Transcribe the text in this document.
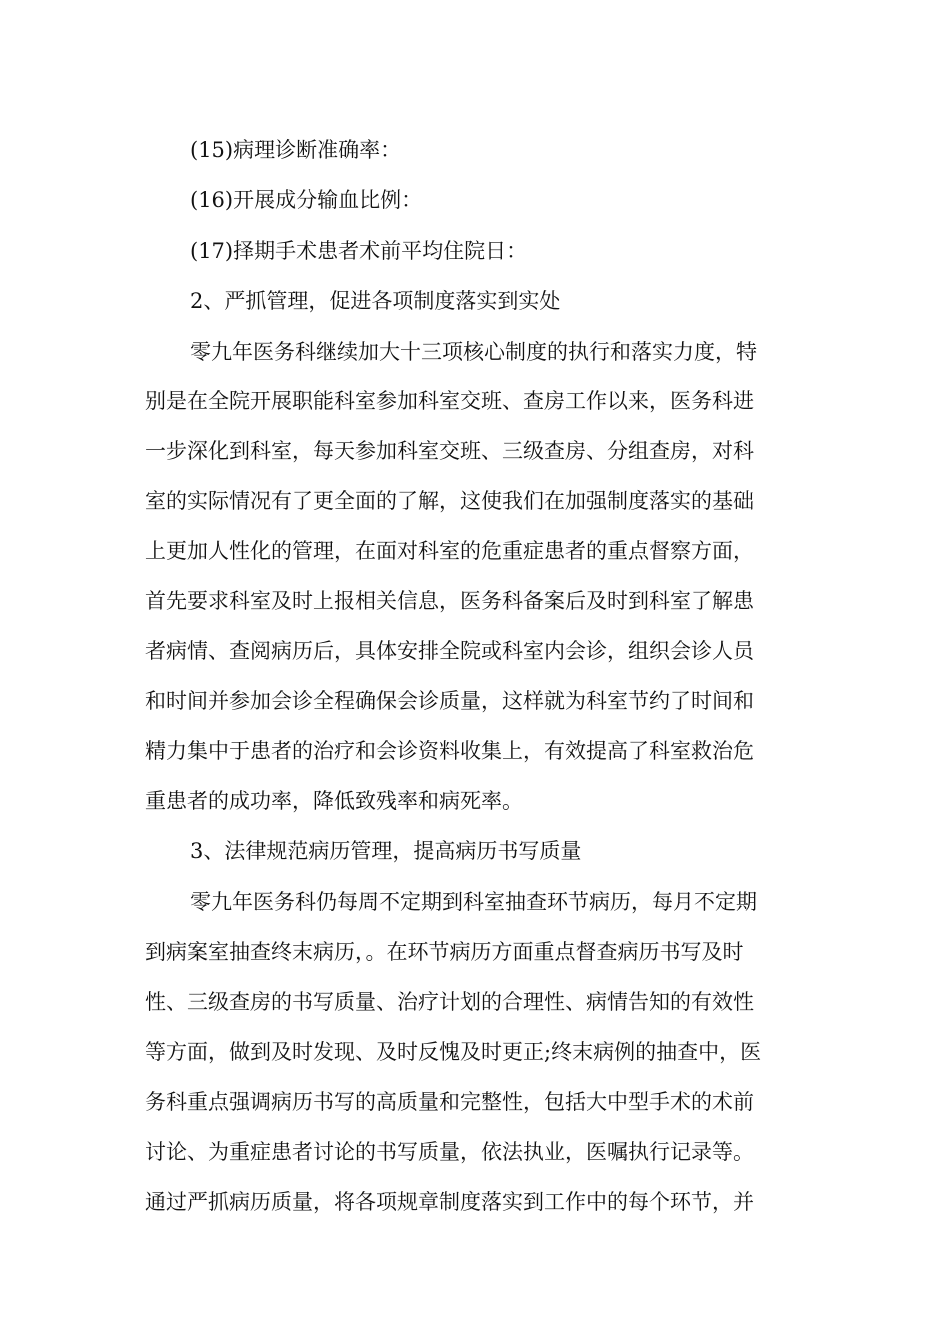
(15)病理诊断准确率：
(16)开展成分输血比例：
(17)择期手术患者术前平均住院日：
2、严抓管理，促进各项制度落实到实处
零九年医务科继续加大十三项核心制度的执行和落实力度，特
别是在全院开展职能科室参加科室交班、查房工作以来，医务科进
一步深化到科室，每天参加科室交班、三级查房、分组查房，对科
室的实际情况有了更全面的了解，这使我们在加强制度落实的基础
上更加人性化的管理，在面对科室的危重症患者的重点督察方面，
首先要求科室及时上报相关信息，医务科备案后及时到科室了解患
者病情、查阅病历后，具体安排全院或科室内会诊，组织会诊人员
和时间并参加会诊全程确保会诊质量，这样就为科室节约了时间和
精力集中于患者的治疗和会诊资料收集上，有效提高了科室救治危
重患者的成功率，降低致残率和病死率。
3、法律规范病历管理，提高病历书写质量
零九年医务科仍每周不定期到科室抽查环节病历，每月不定期
到病案室抽查终末病历，。在环节病历方面重点督查病历书写及时
性、三级查房的书写质量、治疗计划的合理性、病情告知的有效性
等方面，做到及时发现、及时反愧及时更正;终末病例的抽查中，医
务科重点强调病历书写的高质量和完整性，包括大中型手术的术前
讨论、为重症患者讨论的书写质量，依法执业，医嘱执行记录等。
通过严抓病历质量，将各项规章制度落实到工作中的每个环节，并
